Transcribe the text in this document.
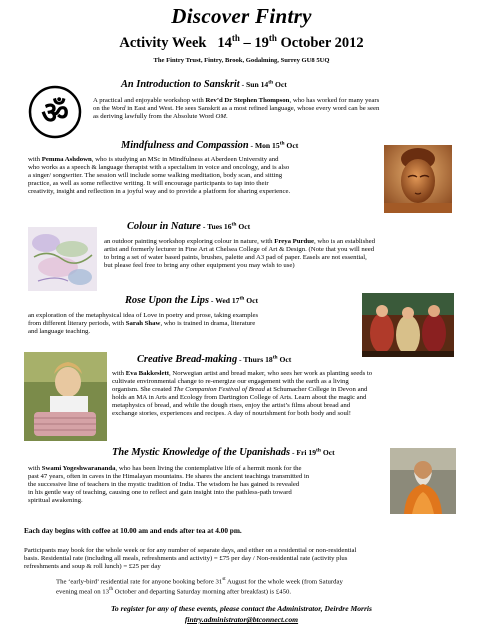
Discover Fintry
Activity Week 14th – 19th October 2012
The Fintry Trust, Fintry, Brook, Godalming, Surrey GU8 5UQ
An Introduction to Sanskrit - Sun 14th Oct
ॐ	A practical and enjoyable workshop with Rev’d Dr Stephen Thompson, who has worked for many years
on the Word in East and West. He sees Sanskrit as a most refined language, whose every word can be seen
as deriving lawfully from the Absolute Word OM.
Mindfulness and Compassion - Mon 15th Oct
with Pemma Ashdown, who is studying an MSc in Mindfulness at Aberdeen University and
who works as a speech & language therapist with a specialism in voice and oncology, and is also
a singer/ songwriter. The session will include some walking meditation, body scan, and sitting
practice, as well as some reflective writing. It will encourage participants to tap into their
creativity, insight and reflection in a joyful way and to provide a platform for sharing experience.
Colour in Nature - Tues 16th Oct
an outdoor painting workshop exploring colour in nature, with Freya Purdue, who is an established
artist and formerly lecturer in Fine Art at Chelsea College of Art & Design. (Note that you will need
to bring a set of water based paints, brushes, palette and A3 pad of paper. Easels are not essential,
but please feel free to bring any other equipment you may wish to use)
Rose Upon the Lips - Wed 17th Oct
an exploration of the metaphysical idea of Love in poetry and prose, taking examples
from different literary periods, with Sarah Shaw, who is trained in drama, literature
and language teaching.
Creative Bread-making - Thurs 18th Oct
with Eva Bakkeslett, Norwegian artist and bread maker, who sees her work as planting seeds to
cultivate environmental change to re-energize our engagement with the earth as a living
organism. She created The Companion Festival of Bread at Schumacher College in Devon and
holds an MA in Arts and Ecology from Dartington College of Arts. Learn about the magic and
metaphysics of bread, and while the dough rises, enjoy the artist’s films about bread and
exchange stories, experiences and recipes. A day of nourishment for both body and soul!
The Mystic Knowledge of the Upanishads - Fri 19th Oct
with Swami Yogeshwarananda, who has been living the contemplative life of a hermit monk for the
past 47 years, often in caves in the Himalayan mountains. He shares the ancient teachings transmitted in
the successive line of teachers in the mystic tradition of India. The wisdom he has gained is revealed
in his gentle way of teaching, causing one to reflect and gain insight into the pathless-path toward
spiritual awakening.
Each day begins with coffee at 10.00 am and ends after tea at 4.00 pm.
Participants may book for the whole week or for any number of separate days, and either on a residential or non-residential
basis. Residential rate (including all meals, refreshments and activity) = £75 per day / Non-residential rate (activity plus
refreshments and soup & roll lunch) = £25 per day
The ‘early-bird’ residential rate for anyone booking before 31st August for the whole week (from Saturday
evening meal on 13th October and departing Saturday morning after breakfast) is £450.
To register for any of these events, please contact the Administrator, Deirdre Morris
fintry.administrator@btconnect.com
